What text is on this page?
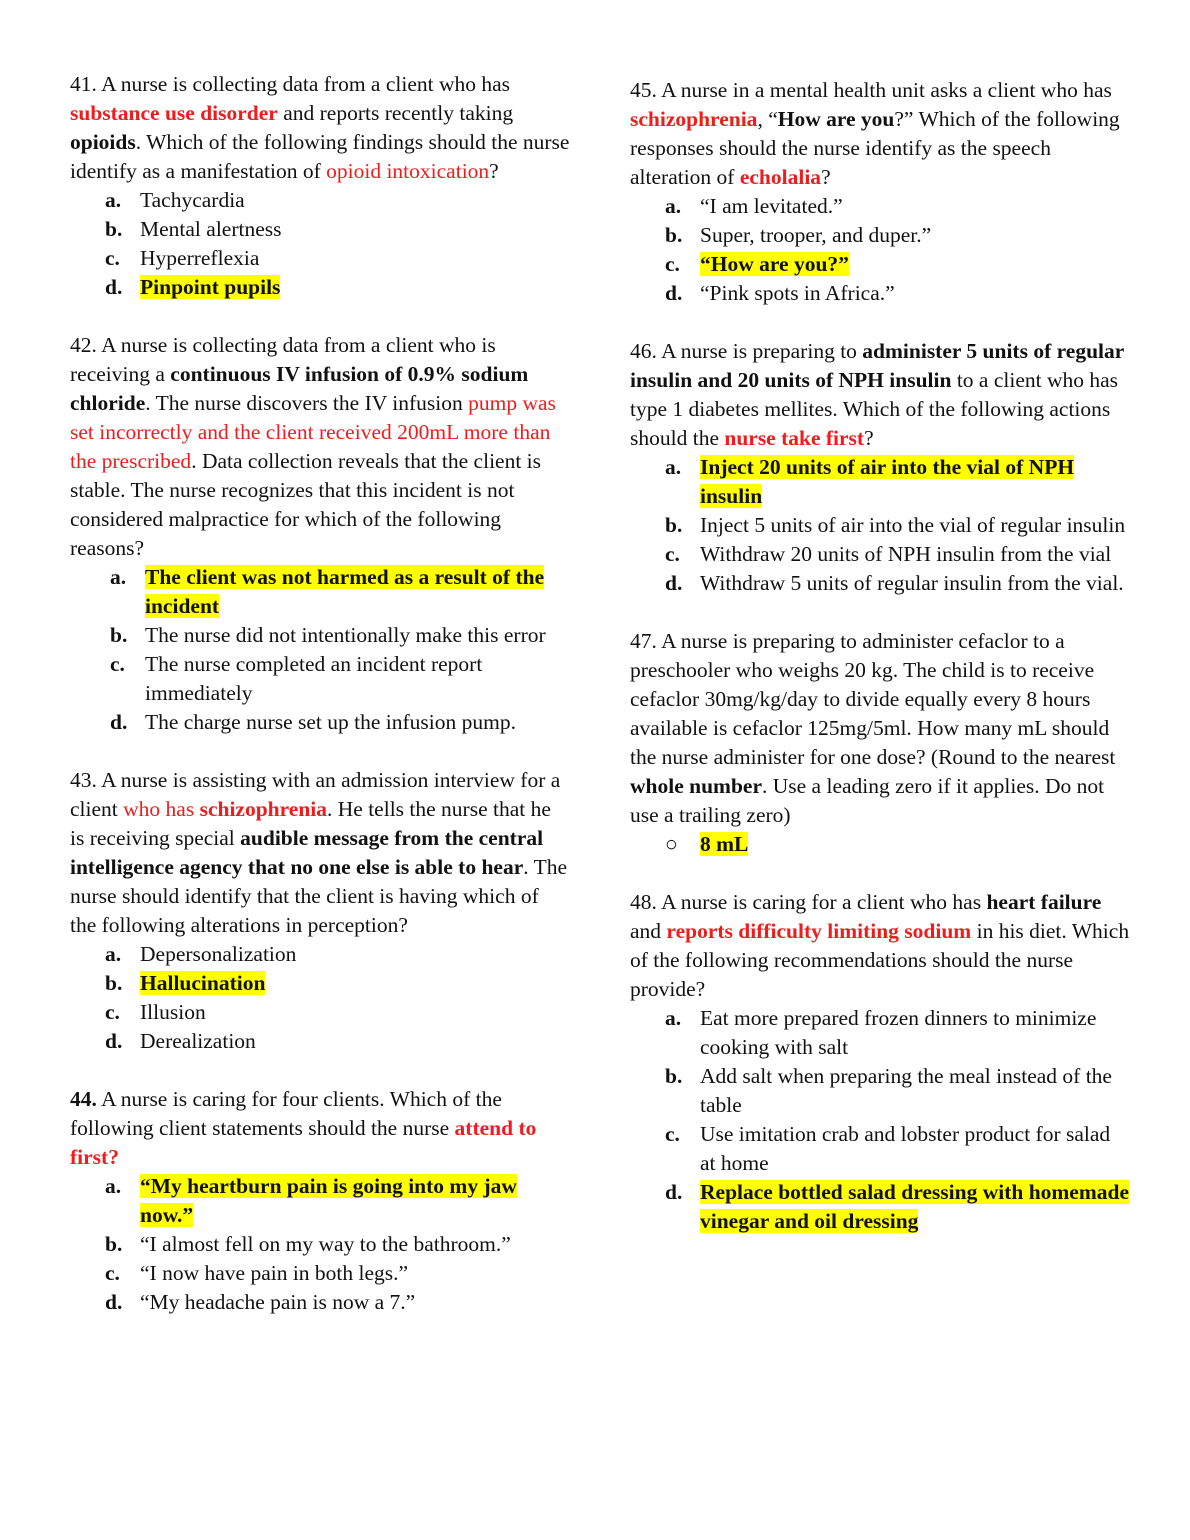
41. A nurse is collecting data from a client who has substance use disorder and reports recently taking opioids. Which of the following findings should the nurse identify as a manifestation of opioid intoxication?

a. Tachycardia
b. Mental alertness
c. Hyperreflexia
d. Pinpoint pupils

42. A nurse is collecting data from a client who is receiving a continuous IV infusion of 0.9% sodium chloride. The nurse discovers the IV infusion pump was set incorrectly and the client received 200mL more than the prescribed. Data collection reveals that the client is stable. The nurse recognizes that this incident is not considered malpractice for which of the following reasons?

a. The client was not harmed as a result of the incident
b. The nurse did not intentionally make this error
c. The nurse completed an incident report immediately
d. The charge nurse set up the infusion pump.

43. A nurse is assisting with an admission interview for a client who has schizophrenia. He tells the nurse that he is receiving special audible message from the central intelligence agency that no one else is able to hear. The nurse should identify that the client is having which of the following alterations in perception?

a. Depersonalization
b. Hallucination
c. Illusion
d. Derealization

44. A nurse is caring for four clients. Which of the following client statements should the nurse attend to first?

a. “My heartburn pain is going into my jaw now.”
b. “I almost fell on my way to the bathroom.”
c. “I now have pain in both legs.”
d. “My headache pain is now a 7.”

45. A nurse in a mental health unit asks a client who has schizophrenia, “How are you?” Which of the following responses should the nurse identify as the speech alteration of echolalia?

a. “I am levitated.”
b. Super, trooper, and duper.”
c. “How are you?”
d. “Pink spots in Africa.”

46. A nurse is preparing to administer 5 units of regular insulin and 20 units of NPH insulin to a client who has type 1 diabetes mellites. Which of the following actions should the nurse take first?

a. Inject 20 units of air into the vial of NPH insulin
b. Inject 5 units of air into the vial of regular insulin
c. Withdraw 20 units of NPH insulin from the vial
d. Withdraw 5 units of regular insulin from the vial.

47. A nurse is preparing to administer cefaclor to a preschooler who weighs 20 kg. The child is to receive cefaclor 30mg/kg/day to divide equally every 8 hours available is cefaclor 125mg/5ml. How many mL should the nurse administer for one dose? (Round to the nearest whole number. Use a leading zero if it applies. Do not use a trailing zero)

○ 8 mL

48. A nurse is caring for a client who has heart failure and reports difficulty limiting sodium in his diet. Which of the following recommendations should the nurse provide?

a. Eat more prepared frozen dinners to minimize cooking with salt
b. Add salt when preparing the meal instead of the table
c. Use imitation crab and lobster product for salad at home
d. Replace bottled salad dressing with homemade vinegar and oil dressing
